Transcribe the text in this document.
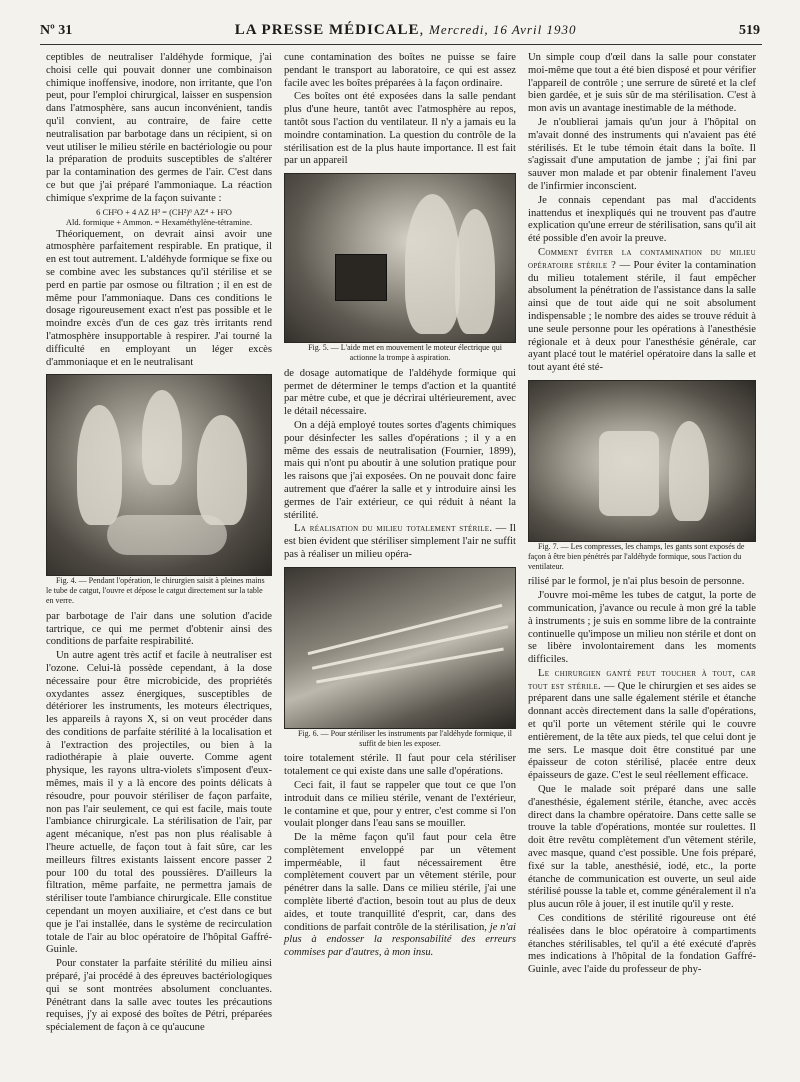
Nº 31	LA PRESSE MÉDICALE, Mercredi, 16 Avril 1930	519

ceptibles de neutraliser l'aldéhyde formique, j'ai choisi celle qui pouvait donner une combinaison chimique inoffensive, inodore, non irritante, que l'on peut, pour l'emploi chirurgical, laisser en suspension dans l'atmosphère, sans aucun inconvénient, tandis qu'il convient, au contraire, de faire cette neutralisation par barbotage dans un récipient, si on veut utiliser le milieu stérile en bactériologie ou pour la préparation de produits susceptibles de s'altérer par la contamination des germes de l'air. C'est dans ce but que j'ai préparé l'ammoniaque. La réaction chimique s'exprime de la façon suivante :

6 CH²O + 4 AZ H³ = (CH²)⁶ AZ⁴ + H²O
Ald. formique + Ammon. = Hexaméthylène-tétramine.

Théoriquement, on devrait ainsi avoir une atmosphère parfaitement respirable. En pratique, il en est tout autrement. L'aldéhyde formique se fixe ou se combine avec les substances qu'il stérilise et se perd en partie par osmose ou filtration ; il en est de même pour l'ammoniaque. Dans ces conditions le dosage rigoureusement exact n'est pas possible et le moindre excès d'un de ces gaz très irritants rend l'atmosphère insupportable à respirer. J'ai tourné la difficulté en employant un léger excès d'ammoniaque et en le neutralisant

Fig. 4. — Pendant l'opération, le chirurgien saisit à pleines mains le tube de catgut, l'ouvre et dépose le catgut directement sur la table en verre.

par barbotage de l'air dans une solution d'acide tartrique, ce qui me permet d'obtenir ainsi des conditions de parfaite respirabilité.

Un autre agent très actif et facile à neutraliser est l'ozone. Celui-là possède cependant, à la dose nécessaire pour être microbicide, des propriétés oxydantes assez énergiques, susceptibles de détériorer les instruments, les moteurs électriques, les appareils à rayons X, si on veut procéder dans des conditions de parfaite stérilité à la localisation et à l'extraction des projectiles, ou bien à la radiothérapie à plaie ouverte. Comme agent physique, les rayons ultra-violets s'imposent d'eux-mêmes, mais il y a là encore des points délicats à résoudre, pour pouvoir stériliser de façon parfaite, non pas l'air seulement, ce qui est facile, mais toute l'ambiance chirurgicale. La stérilisation de l'air, par agent mécanique, n'est pas non plus réalisable à l'heure actuelle, de façon tout à fait sûre, car les meilleurs filtres existants laissent encore passer 2 pour 100 du total des poussières. D'ailleurs la filtration, même parfaite, ne permettra jamais de stériliser toute l'ambiance chirurgicale. Elle constitue cependant un moyen auxiliaire, et c'est dans ce but que je l'ai installée, dans le système de recirculation totale de l'air au bloc opératoire de l'hôpital Gaffré-Guinle.

Pour constater la parfaite stérilité du milieu ainsi préparé, j'ai procédé à des épreuves bactériologiques qui se sont montrées absolument concluantes. Pénétrant dans la salle avec toutes les précautions requises, j'y ai exposé des boîtes de Pétri, préparées spécialement de façon à ce qu'aucune

cune contamination des boîtes ne puisse se faire pendant le transport au laboratoire, ce qui est assez facile avec les boîtes préparées à la façon ordinaire.

Ces boîtes ont été exposées dans la salle pendant plus d'une heure, tantôt avec l'atmosphère au repos, tantôt sous l'action du ventilateur. Il n'y a jamais eu la moindre contamination. La question du contrôle de la stérilisation est de la plus haute importance. Il est fait par un appareil

Fig. 5. — L'aide met en mouvement le moteur électrique qui actionne la trompe à aspiration.

de dosage automatique de l'aldéhyde formique qui permet de déterminer le temps d'action et la quantité par mètre cube, et que je décrirai ultérieurement, avec le détail nécessaire.

On a déjà employé toutes sortes d'agents chimiques pour désinfecter les salles d'opérations ; il y a en même des essais de neutralisation (Fournier, 1899), mais qui n'ont pu aboutir à une solution pratique pour les raisons que j'ai exposées. On ne pouvait donc faire autrement que d'aérer la salle et y introduire ainsi les germes de l'air extérieur, ce qui réduit à néant la stérilité.

La réalisation du milieu totalement stérile. — Il est bien évident que stériliser simplement l'air ne suffit pas à réaliser un milieu opéra-

Fig. 6. — Pour stériliser les instruments par l'aldéhyde formique, il suffit de bien les exposer.

toire totalement stérile. Il faut pour cela stériliser totalement ce qui existe dans une salle d'opérations.

Ceci fait, il faut se rappeler que tout ce que l'on introduit dans ce milieu stérile, venant de l'extérieur, le contamine et que, pour y entrer, c'est comme si l'on voulait plonger dans l'eau sans se mouiller.

De la même façon qu'il faut pour cela être complètement enveloppé par un vêtement imperméable, il faut nécessairement être complètement couvert par un vêtement stérile, pour pénétrer dans la salle. Dans ce milieu stérile, j'ai une complète liberté d'action, besoin tout au plus de deux aides, et toute tranquillité d'esprit, car, dans des conditions de parfait contrôle de la stérilisation, je n'ai plus à endosser la responsabilité des erreurs commises par d'autres, à mon insu.

Un simple coup d'œil dans la salle pour constater moi-même que tout a été bien disposé et pour vérifier l'appareil de contrôle ; une serrure de sûreté et la clef bien gardée, et je suis sûr de ma stérilisation. C'est à mon avis un avantage inestimable de la méthode.

Je n'oublierai jamais qu'un jour à l'hôpital on m'avait donné des instruments qui n'avaient pas été stérilisés. Et le tube témoin était dans la boîte. Il s'agissait d'une amputation de jambe ; j'ai fini par sauver mon malade et par obtenir finalement l'aveu de l'infirmier inconscient.

Je connais cependant pas mal d'accidents inattendus et inexpliqués qui ne trouvent pas d'autre explication qu'une erreur de stérilisation, sans qu'il ait été possible d'en avoir la preuve.

Comment éviter la contamination du milieu opératoire stérile ? — Pour éviter la contamination du milieu totalement stérile, il faut empêcher absolument la pénétration de l'assistance dans la salle ainsi que de tout aide qui ne soit absolument indispensable ; le nombre des aides se trouve réduit à une seule personne pour les opérations à l'anesthésie régionale et à deux pour l'anesthésie générale, car ayant placé tout le matériel opératoire dans la salle et tout ayant été sté-

Fig. 7. — Les compresses, les champs, les gants sont exposés de façon à être bien pénétrés par l'aldéhyde formique, sous l'action du ventilateur.

rilisé par le formol, je n'ai plus besoin de personne.

J'ouvre moi-même les tubes de catgut, la porte de communication, j'avance ou recule à mon gré la table à instruments ; je suis en somme libre de la contrainte continuelle qu'impose un milieu non stérile et dont on se libère involontairement dans les moments difficiles.

Le chirurgien ganté peut toucher à tout, car tout est stérile. — Que le chirurgien et ses aides se préparent dans une salle également stérile et étanche donnant accès directement dans la salle d'opérations, et qu'il porte un vêtement stérile qui le couvre entièrement, de la tête aux pieds, tel que celui dont je me sers. Le masque doit être constitué par une épaisseur de coton stérilisé, placée entre deux épaisseurs de gaze. C'est le seul réellement efficace.

Que le malade soit préparé dans une salle d'anesthésie, également stérile, étanche, avec accès direct dans la chambre opératoire. Dans cette salle se trouve la table d'opérations, montée sur roulettes. Il doit être revêtu complètement d'un vêtement stérile, avec masque, quand c'est possible. Une fois préparé, fixé sur la table, anesthésié, iodé, etc., la porte étanche de communication est ouverte, un seul aide stérilisé pousse la table et, comme généralement il n'a plus aucun rôle à jouer, il est inutile qu'il y reste.

Ces conditions de stérilité rigoureuse ont été réalisées dans le bloc opératoire à compartiments étanches stérilisables, tel qu'il a été exécuté d'après mes indications à l'hôpital de la fondation Gaffré-Guinle, avec l'aide du professeur de phy-
